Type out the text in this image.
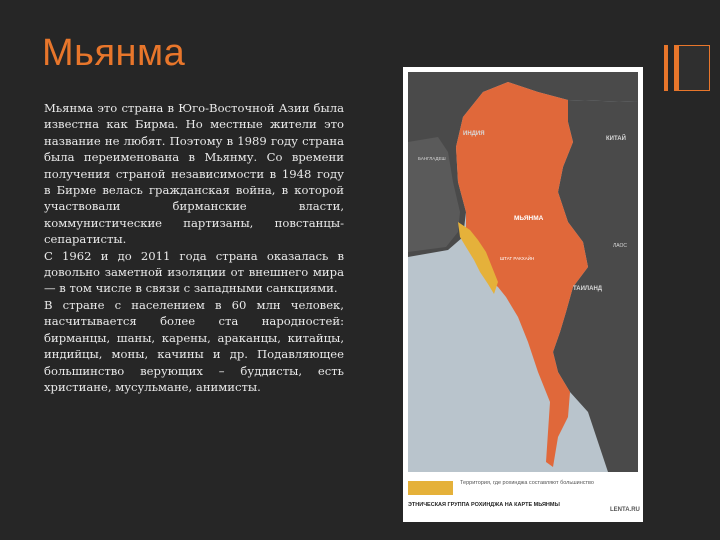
Мьянма

Мьянма это страна в Юго-Восточной Азии была известна как Бирма. Но местные жители это название не любят. Поэтому в 1989 году страна была переименована в Мьянму. Со времени получения страной независимости в 1948 году в Бирме велась гражданская война, в которой участвовали бирманские власти, коммунистические партизаны, повстанцы-сепаратисты.

С 1962 и до 2011 года страна оказалась в довольно заметной изоляции от внешнего мира — в том числе в связи с западными санкциями.

В стране с населением в 60 млн человек, насчитывается более ста народностей: бирманцы, шаны, карены, араканцы, китайцы, индийцы, моны, качины и др. Подавляющее большинство верующих – буддисты, есть христиане, мусульмане, анимисты.

ИНДИЯ
КИТАЙ
БАНГЛАДЕШ
МЬЯНМА
ШТАТ РАКХАЙН
ЛАОС
ТАИЛАНД
Территория, где рохинджа составляют большинство
ЭТНИЧЕСКАЯ ГРУППА РОХИНДЖА НА КАРТЕ МЬЯНМЫ
LENTA.RU
